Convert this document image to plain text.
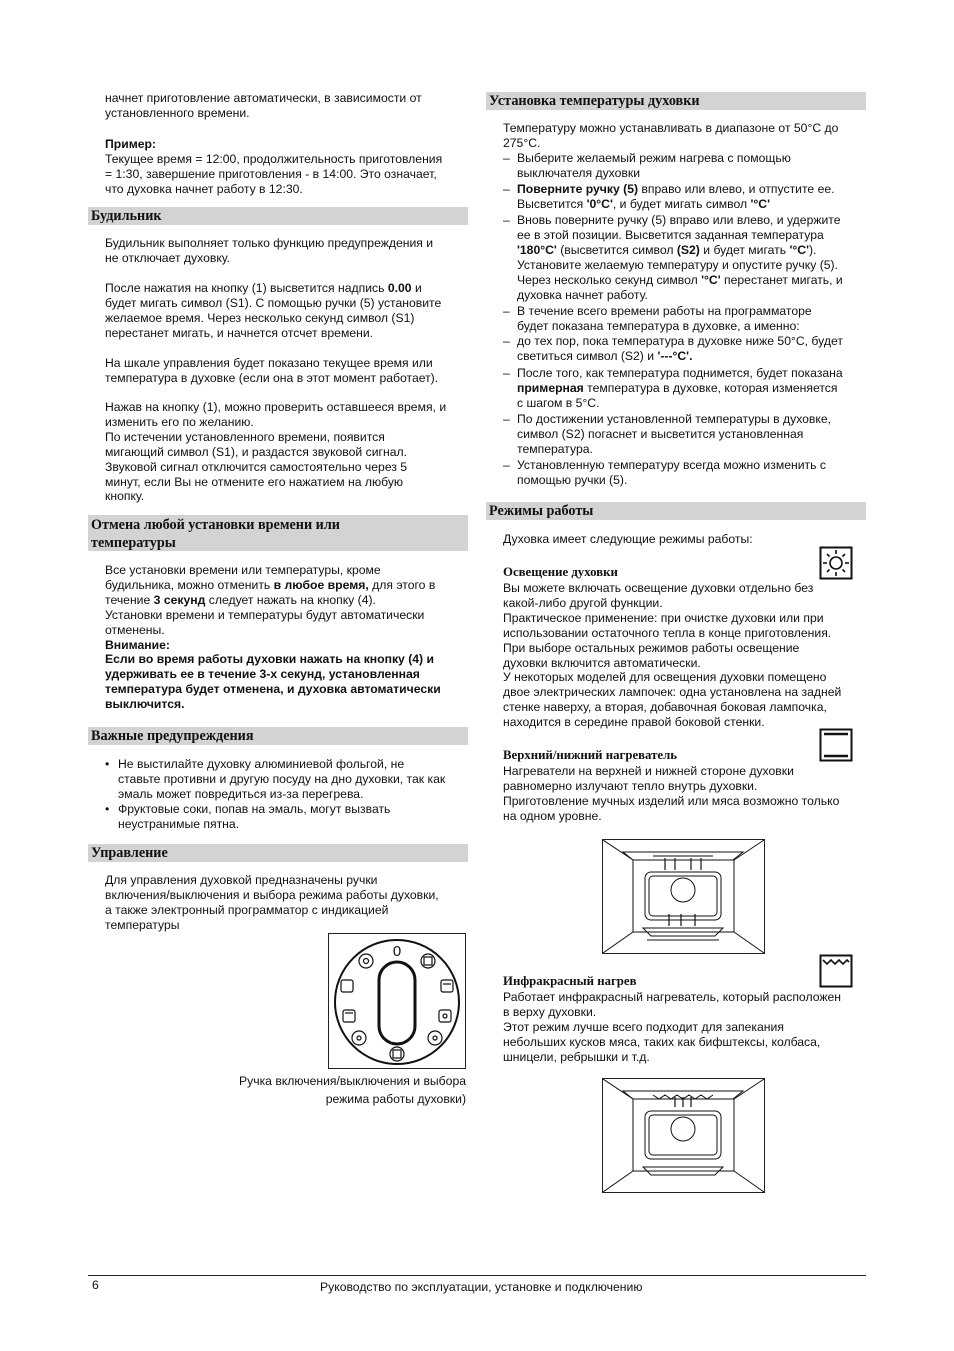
начнет приготовление автоматически, в зависимости от
установленного времени.
Пример:
Текущее время = 12:00, продолжительность приготовления
= 1:30, завершение приготовления - в 14:00. Это означает,
что духовка начнет работу в 12:30.
Будильник
Будильник выполняет только функцию предупреждения и
не отключает духовку.
После нажатия на кнопку (1) высветится надпись 0.00 и
будет мигать символ (S1). С помощью ручки (5) установите
желаемое время. Через несколько секунд символ (S1)
перестанет мигать, и начнется отсчет времени.
На шкале управления будет показано текущее время или
температура в духовке (если она в этот момент работает).
Нажав на кнопку (1), можно проверить оставшееся время, и
изменить его по желанию.
По истечении установленного времени, появится
мигающий символ (S1), и раздастся звуковой сигнал.
Звуковой сигнал отключится самостоятельно через 5
минут, если Вы не отмените его нажатием на любую
кнопку.
Отмена любой установки времени или
температуры
Все установки времени или температуры, кроме
будильника, можно отменить в любое время, для этого в
течение 3 секунд следует нажать на кнопку (4).
Установки времени и температуры будут автоматически
отменены.
Внимание:
Если во время работы духовки нажать на кнопку (4) и
удерживать ее в течение 3-х секунд, установленная
температура будет отменена, и духовка автоматически
выключится.
Важные предупреждения
• Не выстилайте духовку алюминиевой фольгой, не
ставьте противни и другую посуду на дно духовки, так как
эмаль может повредиться из-за перегрева.
• Фруктовые соки, попав на эмаль, могут вызвать
неустранимые пятна.
Управление
Для управления духовкой предназначены ручки
включения/выключения и выбора режима работы духовки,
а также электронный программатор с индикацией
температуры
0
Ручка включения/выключения и выбора
режима работы духовки)
Установка температуры духовки
Температуру можно устанавливать в диапазоне от 50°C до
275°C.
– Выберите желаемый режим нагрева с помощью
выключателя духовки
– Поверните ручку (5) вправо или влево, и отпустите ее.
Высветится '0°C', и будет мигать символ '°C'
– Вновь поверните ручку (5) вправо или влево, и удержите
ее в этой позиции. Высветится заданная температура
'180°C' (высветится символ (S2) и будет мигать '°C').
Установите желаемую температуру и опустите ручку (5).
Через несколько секунд символ '°C' перестанет мигать, и
духовка начнет работу.
– В течение всего времени работы на программаторе
будет показана температура в духовке, а именно:
– до тех пор, пока температура в духовке ниже 50°C, будет
светиться символ (S2) и '---°C'.
– После того, как температура поднимется, будет показана
примерная температура в духовке, которая изменяется
с шагом в 5°C.
– По достижении установленной температуры в духовке,
символ (S2) погаснет и высветится установленная
температура.
– Установленную температуру всегда можно изменить с
помощью ручки (5).
Режимы работы
Духовка имеет следующие режимы работы:
Освещение духовки
Вы можете включать освещение духовки отдельно без
какой-либо другой функции.
Практическое применение: при очистке духовки или при
использовании остаточного тепла в конце приготовления.
При выборе остальных режимов работы освещение
духовки включится автоматически.
У некоторых моделей для освещения духовки помещено
двое электрических лампочек: одна установлена на задней
стенке наверху, а вторая, добавочная боковая лампочка,
находится в середине правой боковой стенки.
Верхний/нижний нагреватель
Нагреватели на верхней и нижней стороне духовки
равномерно излучают тепло внутрь духовки.
Приготовление мучных изделий или мяса возможно только
на одном уровне.
Инфракрасный нагрев
Работает инфракрасный нагреватель, который расположен
в верху духовки.
Этот режим лучше всего подходит для запекания
небольших кусков мяса, таких как бифштексы, колбаса,
шницели, ребрышки и т.д.
6	Руководство по эксплуатации, установке и подключению
